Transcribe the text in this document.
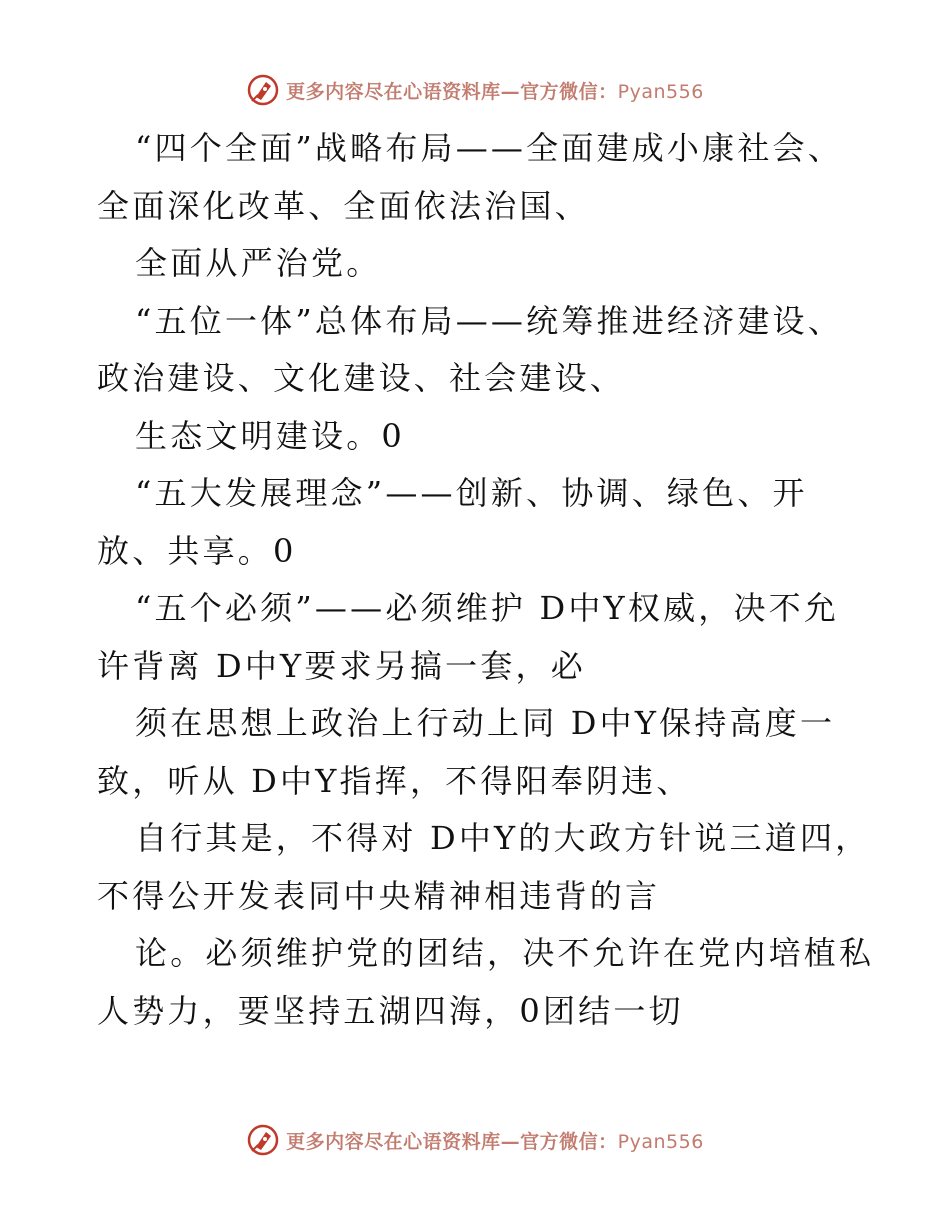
更多内容尽在心语资料库—官方微信：Pyan556
“四个全面”战略布局——全面建成小康社会、
全面深化改革、全面依法治国、
全面从严治党。
“五位一体”总体布局——统筹推进经济建设、
政治建设、文化建设、社会建设、
生态文明建设。0
“五大发展理念”——创新、协调、绿色、开
放、共享。0
“五个必须”——必须维护 D中Y权威，决不允
许背离 D中Y要求另搞一套，必
须在思想上政治上行动上同 D中Y保持高度一
致，听从 D中Y指挥，不得阳奉阴违、
自行其是，不得对 D中Y的大政方针说三道四，
不得公开发表同中央精神相违背的言
论。必须维护党的团结，决不允许在党内培植私
人势力，要坚持五湖四海，0团结一切
更多内容尽在心语资料库—官方微信：Pyan556
